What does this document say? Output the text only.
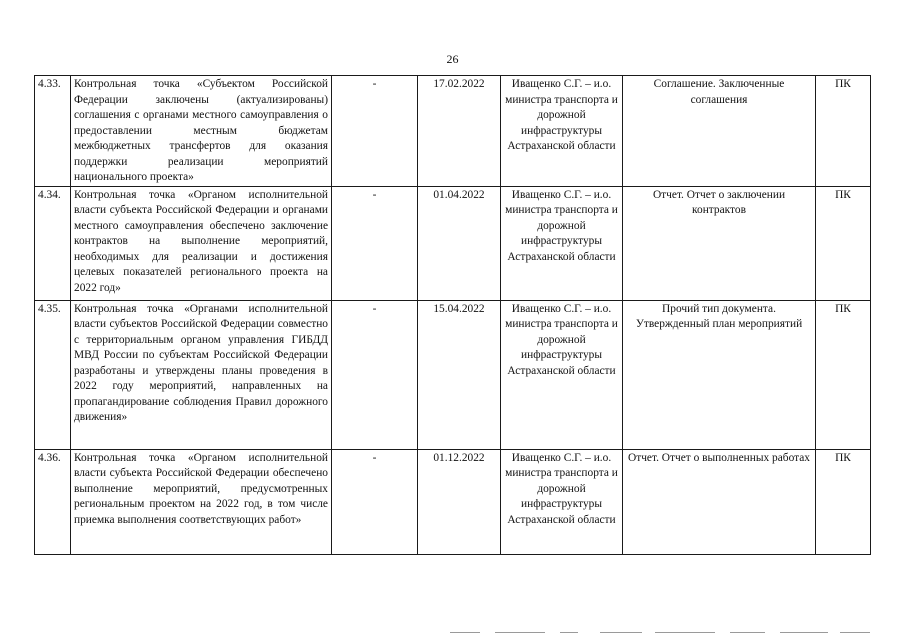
26
4.33.	Контрольная точка «Субъектом Российской Федерации заключены (актуализированы) соглашения с органами местного самоуправления о предоставлении местным бюджетам межбюджетных трансфертов для оказания поддержки реализации мероприятий национального проекта»	-	17.02.2022	Иващенко С.Г. – и.о. министра транспорта и дорожной инфраструктуры Астраханской области	Соглашение. Заключенные соглашения	ПК
4.34.	Контрольная точка «Органом исполнительной власти субъекта Российской Федерации и органами местного самоуправления обеспечено заключение контрактов на выполнение мероприятий, необходимых для реализации и достижения целевых показателей регионального проекта на 2022 год»	-	01.04.2022	Иващенко С.Г. – и.о. министра транспорта и дорожной инфраструктуры Астраханской области	Отчет. Отчет о заключении контрактов	ПК
4.35.	Контрольная точка «Органами исполнительной власти субъектов Российской Федерации совместно с территориальным органом управления ГИБДД МВД России по субъектам Российской Федерации разработаны и утверждены планы проведения в 2022 году мероприятий, направленных на пропагандирование соблюдения Правил дорожного движения»	-	15.04.2022	Иващенко С.Г. – и.о. министра транспорта и дорожной инфраструктуры Астраханской области	Прочий тип документа. Утвержденный план мероприятий	ПК
4.36.	Контрольная точка «Органом исполнительной власти субъекта Российской Федерации обеспечено выполнение мероприятий, предусмотренных региональным проектом на 2022 год, в том числе приемка выполнения соответствующих работ»	-	01.12.2022	Иващенко С.Г. – и.о. министра транспорта и дорожной инфраструктуры Астраханской области	Отчет. Отчет о выполненных работах	ПК
